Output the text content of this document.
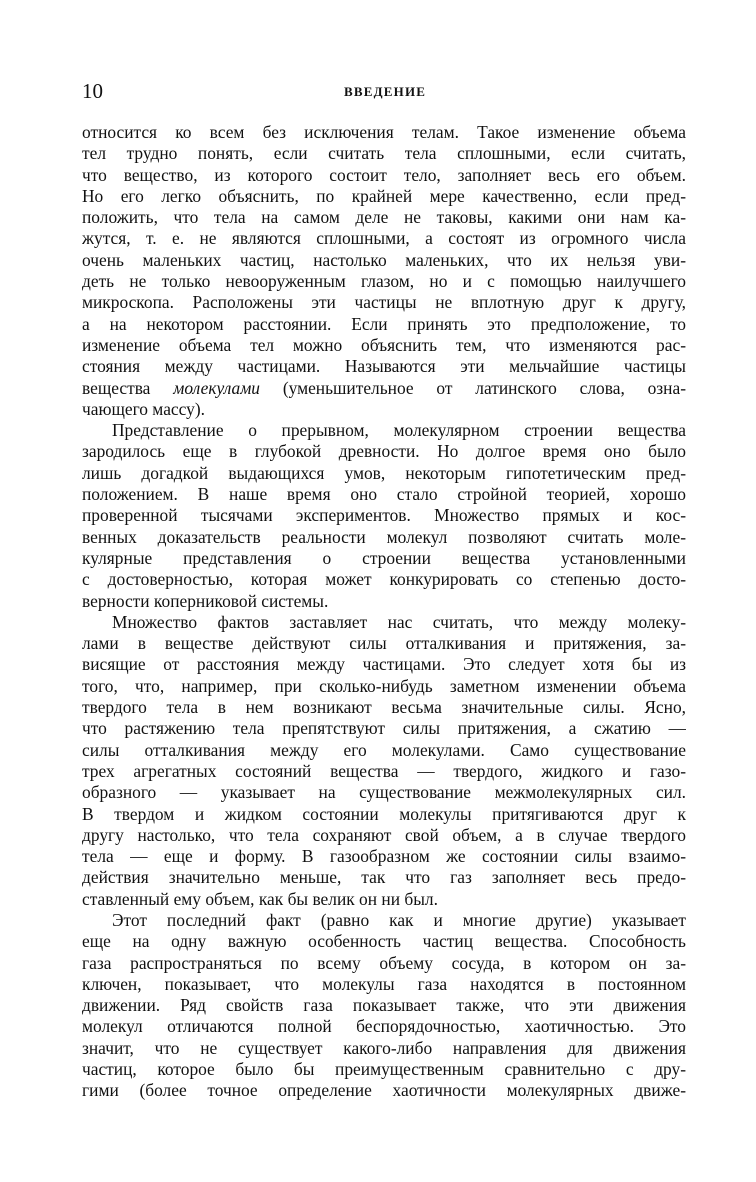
10	ВВЕДЕНИЕ
относится ко всем без исключения телам. Такое изменение объема
тел трудно понять, если считать тела сплошными, если считать,
что вещество, из которого состоит тело, заполняет весь его объем.
Но его легко объяснить, по крайней мере качественно, если пред-
положить, что тела на самом деле не таковы, какими они нам ка-
жутся, т. е. не являются сплошными, а состоят из огромного числа
очень маленьких частиц, настолько маленьких, что их нельзя уви-
деть не только невооруженным глазом, но и с помощью наилучшего
микроскопа. Расположены эти частицы не вплотную друг к другу,
а на некотором расстоянии. Если принять это предположение, то
изменение объема тел можно объяснить тем, что изменяются рас-
стояния между частицами. Называются эти мельчайшие частицы
вещества молекулами (уменьшительное от латинского слова, озна-
чающего массу).
Представление о прерывном, молекулярном строении вещества
зародилось еще в глубокой древности. Но долгое время оно было
лишь догадкой выдающихся умов, некоторым гипотетическим пред-
положением. В наше время оно стало стройной теорией, хорошо
проверенной тысячами экспериментов. Множество прямых и кос-
венных доказательств реальности молекул позволяют считать моле-
кулярные представления о строении вещества установленными
с достоверностью, которая может конкурировать со степенью досто-
верности коперниковой системы.
Множество фактов заставляет нас считать, что между молеку-
лами в веществе действуют силы отталкивания и притяжения, за-
висящие от расстояния между частицами. Это следует хотя бы из
того, что, например, при сколько-нибудь заметном изменении объема
твердого тела в нем возникают весьма значительные силы. Ясно,
что растяжению тела препятствуют силы притяжения, а сжатию —
силы отталкивания между его молекулами. Само существование
трех агрегатных состояний вещества — твердого, жидкого и газо-
образного — указывает на существование межмолекулярных сил.
В твердом и жидком состоянии молекулы притягиваются друг к
другу настолько, что тела сохраняют свой объем, а в случае твердого
тела — еще и форму. В газообразном же состоянии силы взаимо-
действия значительно меньше, так что газ заполняет весь предо-
ставленный ему объем, как бы велик он ни был.
Этот последний факт (равно как и многие другие) указывает
еще на одну важную особенность частиц вещества. Способность
газа распространяться по всему объему сосуда, в котором он за-
ключен, показывает, что молекулы газа находятся в постоянном
движении. Ряд свойств газа показывает также, что эти движения
молекул отличаются полной беспорядочностью, хаотичностью. Это
значит, что не существует какого-либо направления для движения
частиц, которое было бы преимущественным сравнительно с дру-
гими (более точное определение хаотичности молекулярных движе-
